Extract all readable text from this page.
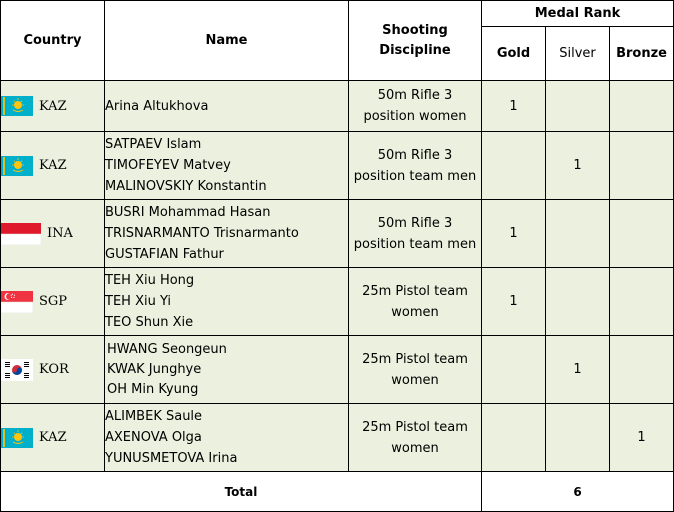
Country	Name	Shooting Discipline	Medal Rank		
			Gold	Silver	Bronze

KAZ	Arina Altukhova	50m Rifle 3 position women	1		

KAZ	SATPAEV Islam
TIMOFEYEV Matvey
MALINOVSKIY Konstantin	50m Rifle 3 position team men		1	

INA	BUSRI Mohammad Hasan
TRISNARMANTO Trisnarmanto
GUSTAFIAN Fathur	50m Rifle 3 position team men	1		

SGP	TEH Xiu Hong
TEH Xiu Yi
TEO Shun Xie	25m Pistol team women	1		

KOR	HWANG Seongeun
KWAK Junghye
OH Min Kyung	25m Pistol team women		1	

KAZ	ALIMBEK Saule
AXENOVA Olga
YUNUSMETOVA Irina	25m Pistol team women			1
Total			6		
